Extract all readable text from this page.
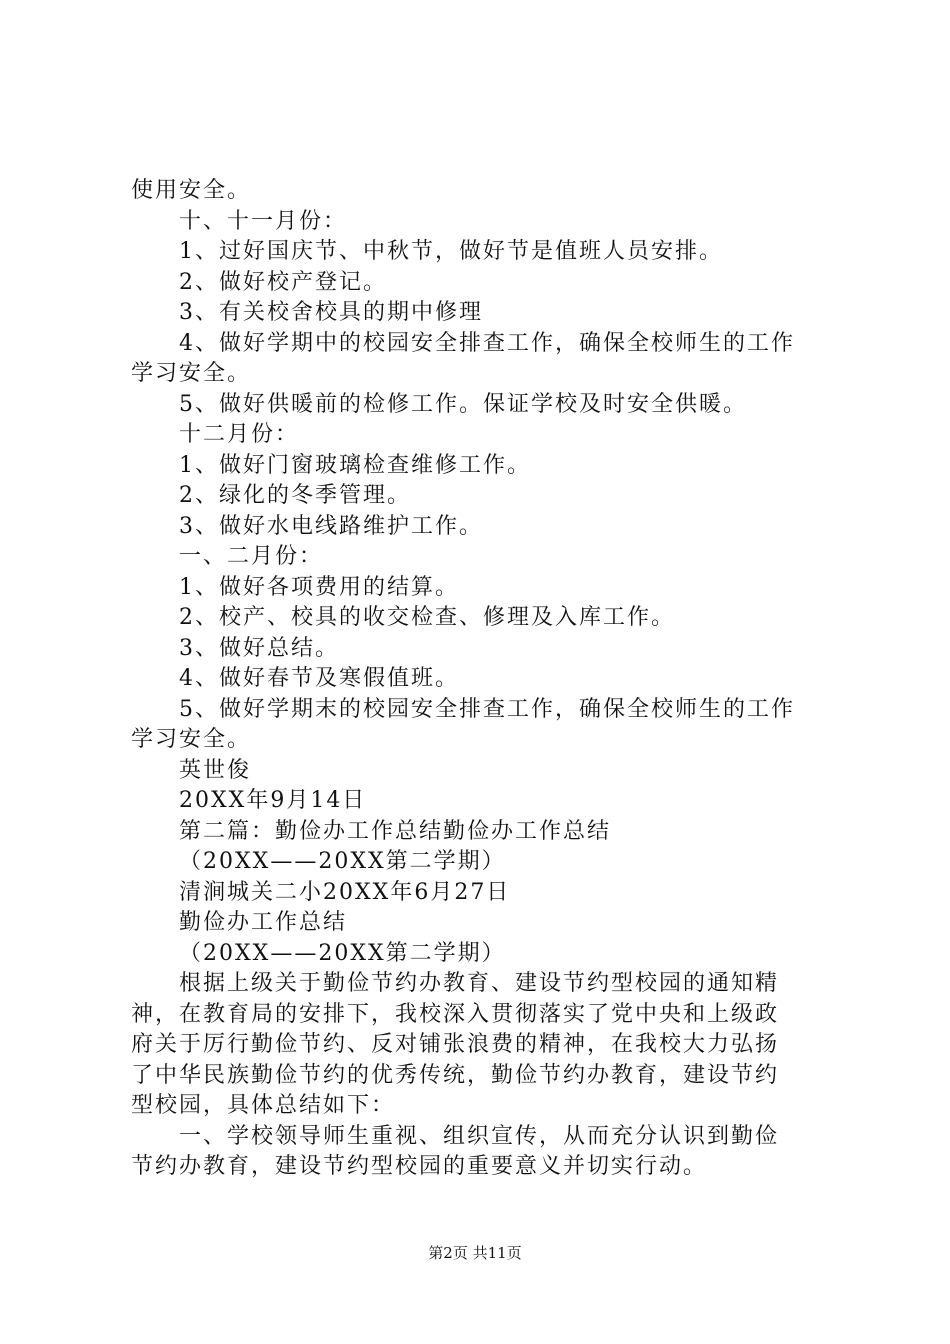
使用安全。
十、十一月份：
1、过好国庆节、中秋节，做好节是值班人员安排。
2、做好校产登记。
3、有关校舍校具的期中修理
4、做好学期中的校园安全排查工作，确保全校师生的工作
学习安全。
5、做好供暖前的检修工作。保证学校及时安全供暖。
十二月份：
1、做好门窗玻璃检查维修工作。
2、绿化的冬季管理。
3、做好水电线路维护工作。
一、二月份：
1、做好各项费用的结算。
2、校产、校具的收交检查、修理及入库工作。
3、做好总结。
4、做好春节及寒假值班。
5、做好学期末的校园安全排查工作，确保全校师生的工作
学习安全。
英世俊
20XX年9月14日
第二篇：勤俭办工作总结勤俭办工作总结
（20XX——20XX第二学期）
清涧城关二小20XX年6月27日
勤俭办工作总结
（20XX——20XX第二学期）
根据上级关于勤俭节约办教育、建设节约型校园的通知精
神，在教育局的安排下，我校深入贯彻落实了党中央和上级政
府关于厉行勤俭节约、反对铺张浪费的精神，在我校大力弘扬
了中华民族勤俭节约的优秀传统，勤俭节约办教育，建设节约
型校园，具体总结如下：
一、学校领导师生重视、组织宣传，从而充分认识到勤俭
节约办教育，建设节约型校园的重要意义并切实行动。
第2页 共11页
